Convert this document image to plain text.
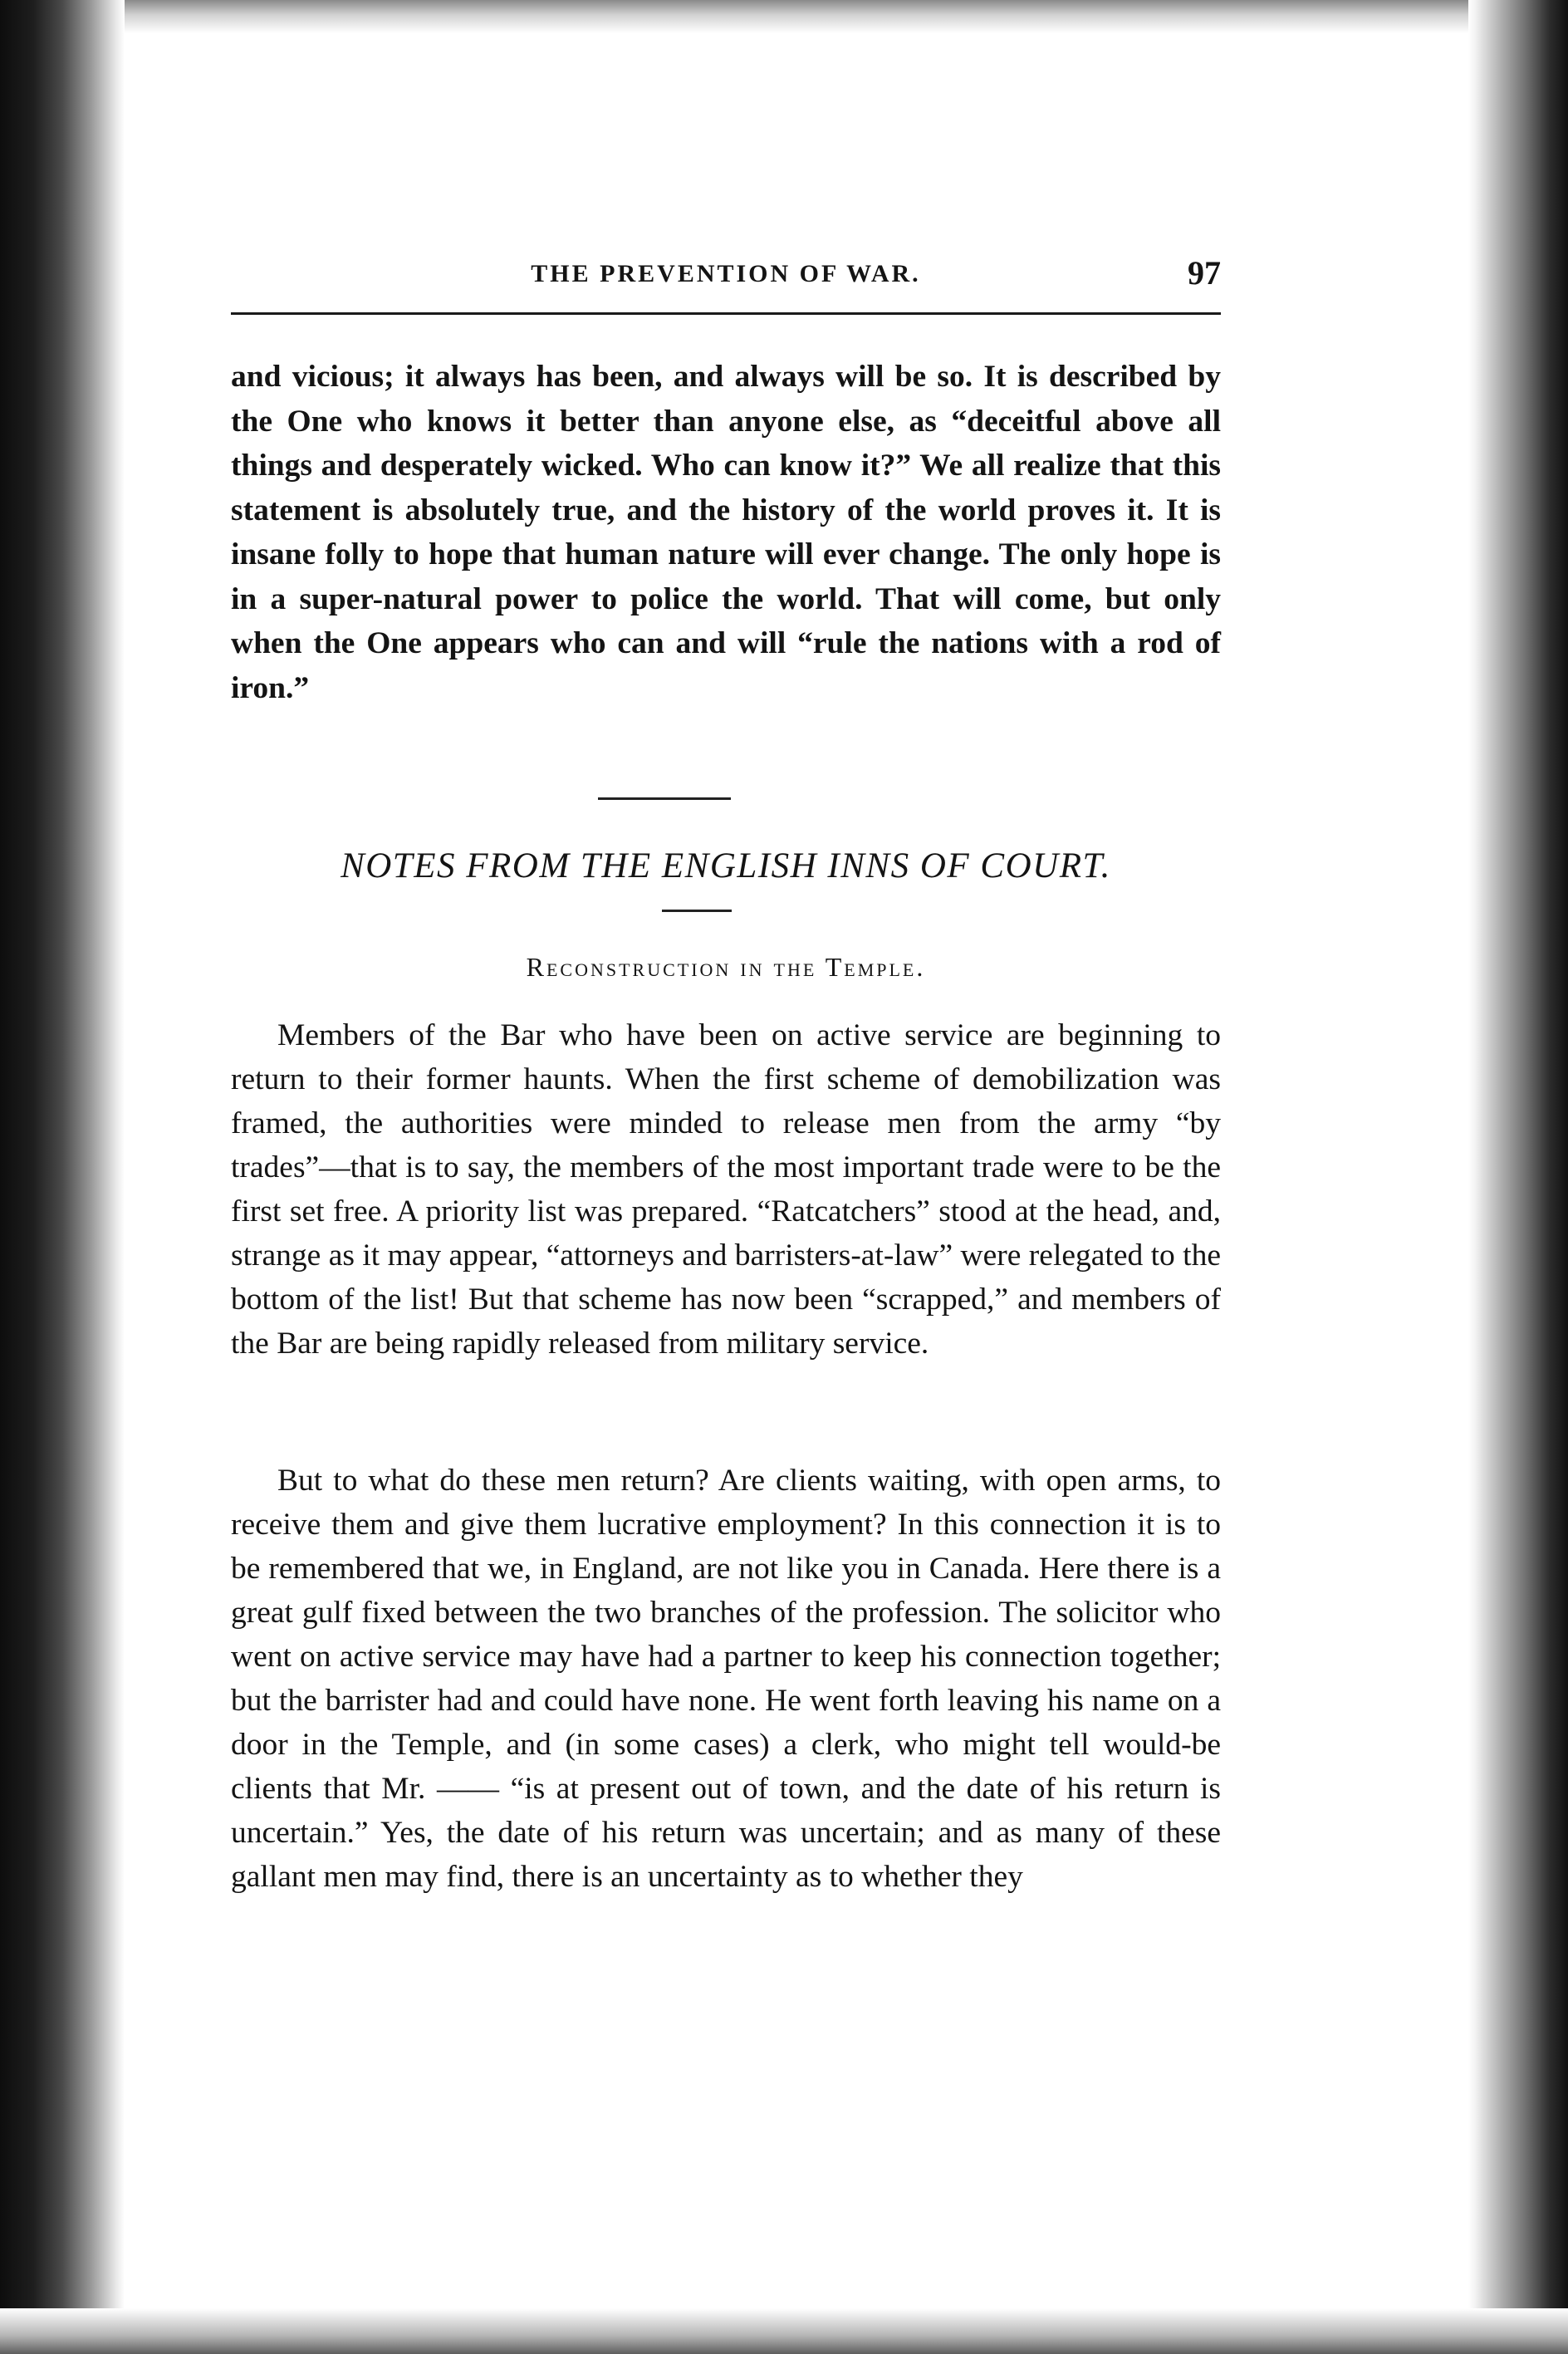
THE PREVENTION OF WAR.	97

and vicious; it always has been, and always will be so. It is described by the One who knows it better than anyone else, as “deceitful above all things and desperately wicked. Who can know it?” We all realize that this statement is absolutely true, and the history of the world proves it. It is insane folly to hope that human nature will ever change. The only hope is in a super-natural power to police the world. That will come, but only when the One appears who can and will “rule the nations with a rod of iron.”

NOTES FROM THE ENGLISH INNS OF COURT.
Reconstruction in the Temple.

Members of the Bar who have been on active service are beginning to return to their former haunts. When the first scheme of demobilization was framed, the authorities were minded to release men from the army “by trades”—that is to say, the members of the most important trade were to be the first set free. A priority list was prepared. “Ratcatchers” stood at the head, and, strange as it may appear, “attorneys and barristers-at-law” were relegated to the bottom of the list! But that scheme has now been “scrapped,” and members of the Bar are being rapidly released from military service.

But to what do these men return? Are clients waiting, with open arms, to receive them and give them lucrative employment? In this connection it is to be remembered that we, in England, are not like you in Canada. Here there is a great gulf fixed between the two branches of the profession. The solicitor who went on active service may have had a partner to keep his connection together; but the barrister had and could have none. He went forth leaving his name on a door in the Temple, and (in some cases) a clerk, who might tell would-be clients that Mr. —— “is at present out of town, and the date of his return is uncertain.” Yes, the date of his return was uncertain; and as many of these gallant men may find, there is an uncertainty as to whether they
